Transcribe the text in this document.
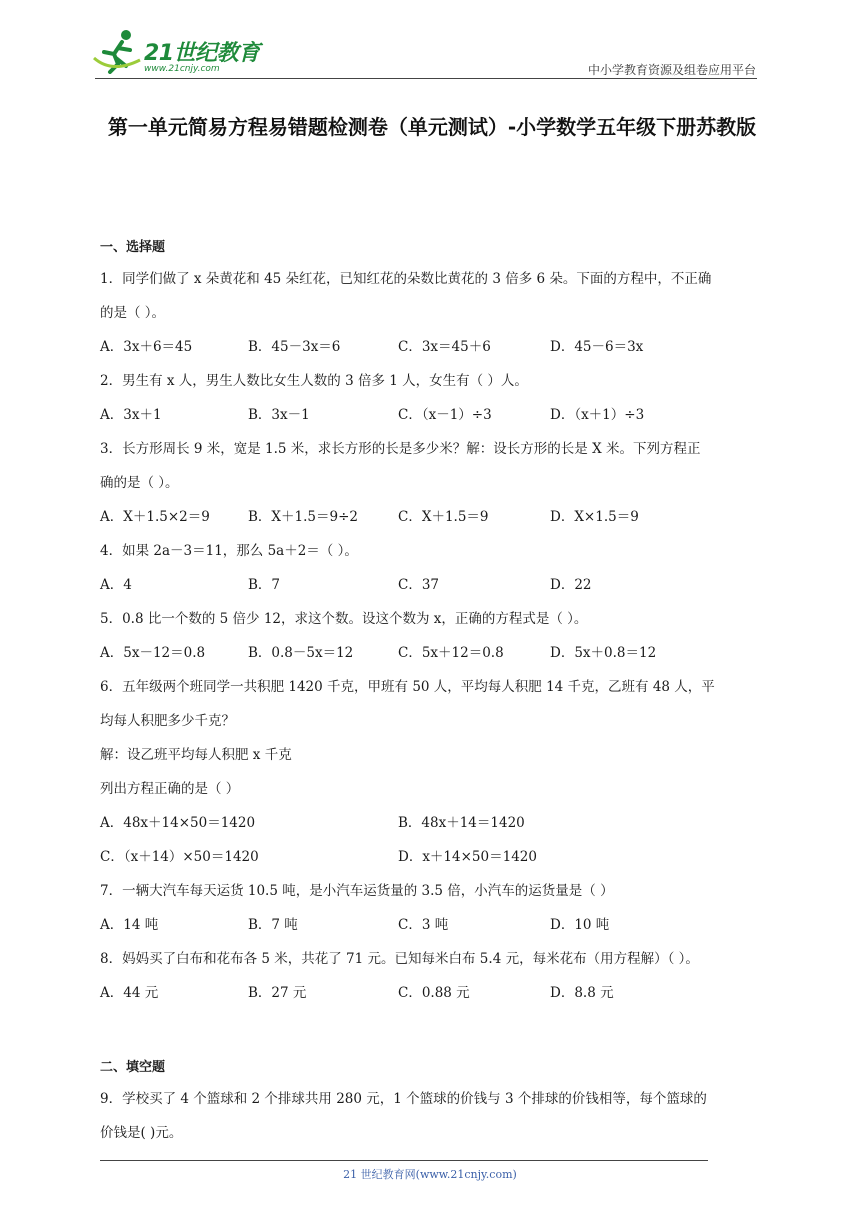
21世纪教育
www.21cnjy.com	中小学教育资源及组卷应用平台
第一单元简易方程易错题检测卷（单元测试）-小学数学五年级下册苏教版
一、选择题
1．同学们做了 x 朵黄花和 45 朵红花，已知红花的朵数比黄花的 3 倍多 6 朵。下面的方程中，不正确
的是（ ）。
A．3x＋6＝45	B．45－3x＝6	C．3x＝45＋6	D．45－6＝3x
2．男生有 x 人，男生人数比女生人数的 3 倍多 1 人，女生有（ ）人。
A．3x＋1	B．3x－1	C．（x－1）÷3	D．（x＋1）÷3
3．长方形周长 9 米，宽是 1.5 米，求长方形的长是多少米？解：设长方形的长是 X 米。下列方程正
确的是（ ）。
A．X＋1.5×2＝9	B．X＋1.5＝9÷2	C．X＋1.5＝9	D．X×1.5＝9
4．如果 2a－3＝11，那么 5a＋2＝（ ）。
A．4	B．7	C．37	D．22
5．0.8 比一个数的 5 倍少 12，求这个数。设这个数为 x，正确的方程式是（ ）。
A．5x－12＝0.8	B．0.8－5x＝12	C．5x＋12＝0.8	D．5x＋0.8＝12
6．五年级两个班同学一共积肥 1420 千克，甲班有 50 人，平均每人积肥 14 千克，乙班有 48 人，平
均每人积肥多少千克？
解：设乙班平均每人积肥 x 千克
列出方程正确的是（ ）
A．48x＋14×50＝1420	B．48x＋14＝1420
C．（x＋14）×50＝1420	D．x＋14×50＝1420
7．一辆大汽车每天运货 10.5 吨，是小汽车运货量的 3.5 倍，小汽车的运货量是（ ）
A．14 吨	B．7 吨	C．3 吨	D．10 吨
8．妈妈买了白布和花布各 5 米，共花了 71 元。已知每米白布 5.4 元，每米花布（用方程解）（ ）。
A．44 元	B．27 元	C．0.88 元	D．8.8 元
二、填空题
9．学校买了 4 个篮球和 2 个排球共用 280 元，1 个篮球的价钱与 3 个排球的价钱相等，每个篮球的
价钱是( )元。
21 世纪教育网(www.21cnjy.com)
